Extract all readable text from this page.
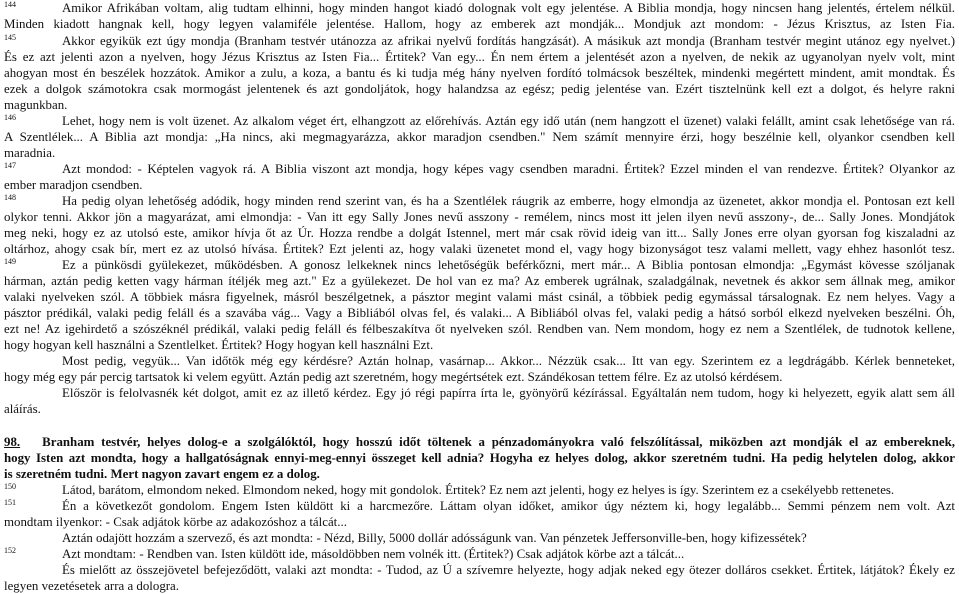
144
145
146
147
148
149
150
151
152
Amikor Afrikában voltam, alig tudtam elhinni, hogy minden hangot kiadó dolognak volt egy jelentése. A Biblia mondja, hogy nincsen hang jelentés, értelem nélkül.
Minden kiadott hangnak kell, hogy legyen valamiféle jelentése. Hallom, hogy az emberek azt mondják... Mondjuk azt mondom: - Jézus Krisztus, az Isten Fia.
Akkor egyikük ezt úgy mondja (Branham testvér utánozza az afrikai nyelvű fordítás hangzását). A másikuk azt mondja (Branham testvér megint utánoz egy nyelvet.)
És ez azt jelenti azon a nyelven, hogy Jézus Krisztus az Isten Fia... Értitek? Van egy... Én nem értem a jelentését azon a nyelven, de nekik az ugyanolyan nyelv volt, mint
ahogyan most én beszélek hozzátok. Amikor a zulu, a koza, a bantu és ki tudja még hány nyelven fordító tolmácsok beszéltek, mindenki megértett mindent, amit mondtak. És
ezek a dolgok számotokra csak mormogást jelentenek és azt gondoljátok, hogy halandzsa az egész; pedig jelentése van. Ezért tisztelnünk kell ezt a dolgot, és helyre rakni
magunkban.
Lehet, hogy nem is volt üzenet. Az alkalom véget ért, elhangzott az előrehívás. Aztán egy idő után (nem hangzott el üzenet) valaki felállt, amint csak lehetősége van rá.
A Szentlélek... A Biblia azt mondja: „Ha nincs, aki megmagyarázza, akkor maradjon csendben." Nem számít mennyire érzi, hogy beszélnie kell, olyankor csendben kell
maradnia.
Azt mondod: - Képtelen vagyok rá. A Biblia viszont azt mondja, hogy képes vagy csendben maradni. Értitek? Ezzel minden el van rendezve. Értitek? Olyankor az
ember maradjon csendben.
Ha pedig olyan lehetőség adódik, hogy minden rend szerint van, és ha a Szentlélek ráugrik az emberre, hogy elmondja az üzenetet, akkor mondja el. Pontosan ezt kell
olykor tenni. Akkor jön a magyarázat, ami elmondja: - Van itt egy Sally Jones nevű asszony - remélem, nincs most itt jelen ilyen nevű asszony-, de... Sally Jones. Mondjátok
meg neki, hogy ez az utolsó este, amikor hívja őt az Úr. Hozza rendbe a dolgát Istennel, mert már csak rövid ideig van itt... Sally Jones erre olyan gyorsan fog kiszaladni az
oltárhoz, ahogy csak bír, mert ez az utolsó hívása. Értitek? Ezt jelenti az, hogy valaki üzenetet mond el, vagy hogy bizonyságot tesz valami mellett, vagy ehhez hasonlót tesz.
Ez a pünkösdi gyülekezet, működésben. A gonosz lelkeknek nincs lehetőségük beférkőzni, mert már... A Biblia pontosan elmondja: „Egymást kövesse szóljanak
hárman, aztán pedig ketten vagy hárman ítéljék meg azt." Ez a gyülekezet. De hol van ez ma? Az emberek ugrálnak, szaladgálnak, nevetnek és akkor sem állnak meg, amikor
valaki nyelveken szól. A többiek másra figyelnek, másról beszélgetnek, a pásztor megint valami mást csinál, a többiek pedig egymással társalognak. Ez nem helyes. Vagy a
pásztor prédikál, valaki pedig feláll és a szavába vág... Vagy a Bibliából olvas fel, és valaki... A Bibliából olvas fel, valaki pedig a hátsó sorból elkezd nyelveken beszélni. Óh,
ezt ne! Az igehirdető a szószéknél prédikál, valaki pedig feláll és félbeszakítva őt nyelveken szól. Rendben van. Nem mondom, hogy ez nem a Szentlélek, de tudnotok kellene,
hogy hogyan kell használni a Szentlelket. Értitek? Hogy hogyan kell használni Ezt.
Most pedig, vegyük... Van időtök még egy kérdésre? Aztán holnap, vasárnap... Akkor... Nézzük csak... Itt van egy. Szerintem ez a legdrágább. Kérlek benneteket,
hogy még egy pár percig tartsatok ki velem együtt. Aztán pedig azt szeretném, hogy megértsétek ezt. Szándékosan tettem félre. Ez az utolsó kérdésem.
Először is felolvasnék két dolgot, amit ez az illető kérdez. Egy jó régi papírra írta le, gyönyörű kézírással. Egyáltalán nem tudom, hogy ki helyezett, egyik alatt sem áll
aláírás.
98. Branham testvér, helyes dolog-e a szolgálóktól, hogy hosszú időt töltenek a pénzadományokra való felszólítással, miközben azt mondják el az embereknek,
hogy Isten azt mondta, hogy a hallgatóságnak ennyi-meg-ennyi összeget kell adnia? Hogyha ez helyes dolog, akkor szeretném tudni. Ha pedig helytelen dolog, akkor
is szeretném tudni. Mert nagyon zavart engem ez a dolog.
Látod, barátom, elmondom neked. Elmondom neked, hogy mit gondolok. Értitek? Ez nem azt jelenti, hogy ez helyes is így. Szerintem ez a csekélyebb rettenetes.
Én a következőt gondolom. Engem Isten küldött ki a harcmezőre. Láttam olyan időket, amikor úgy néztem ki, hogy legalább... Semmi pénzem nem volt. Azt
mondtam ilyenkor: - Csak adjátok körbe az adakozóshoz a tálcát...
Aztán odajött hozzám a szervező, és azt mondta: - Nézd, Billy, 5000 dollár adósságunk van. Van pénzetek Jeffersonville-ben, hogy kifizessétek?
Azt mondtam: - Rendben van. Isten küldött ide, másoldöbben nem volnék itt. (Értitek?) Csak adjátok körbe azt a tálcát...
És mielőtt az összejövetel befejeződött, valaki azt mondta: - Tudod, az Ú a szívemre helyezte, hogy adjak neked egy ötezer dolláros csekket. Értitek, látjátok? Ékely ez
legyen vezetésetek arra a dologra.
